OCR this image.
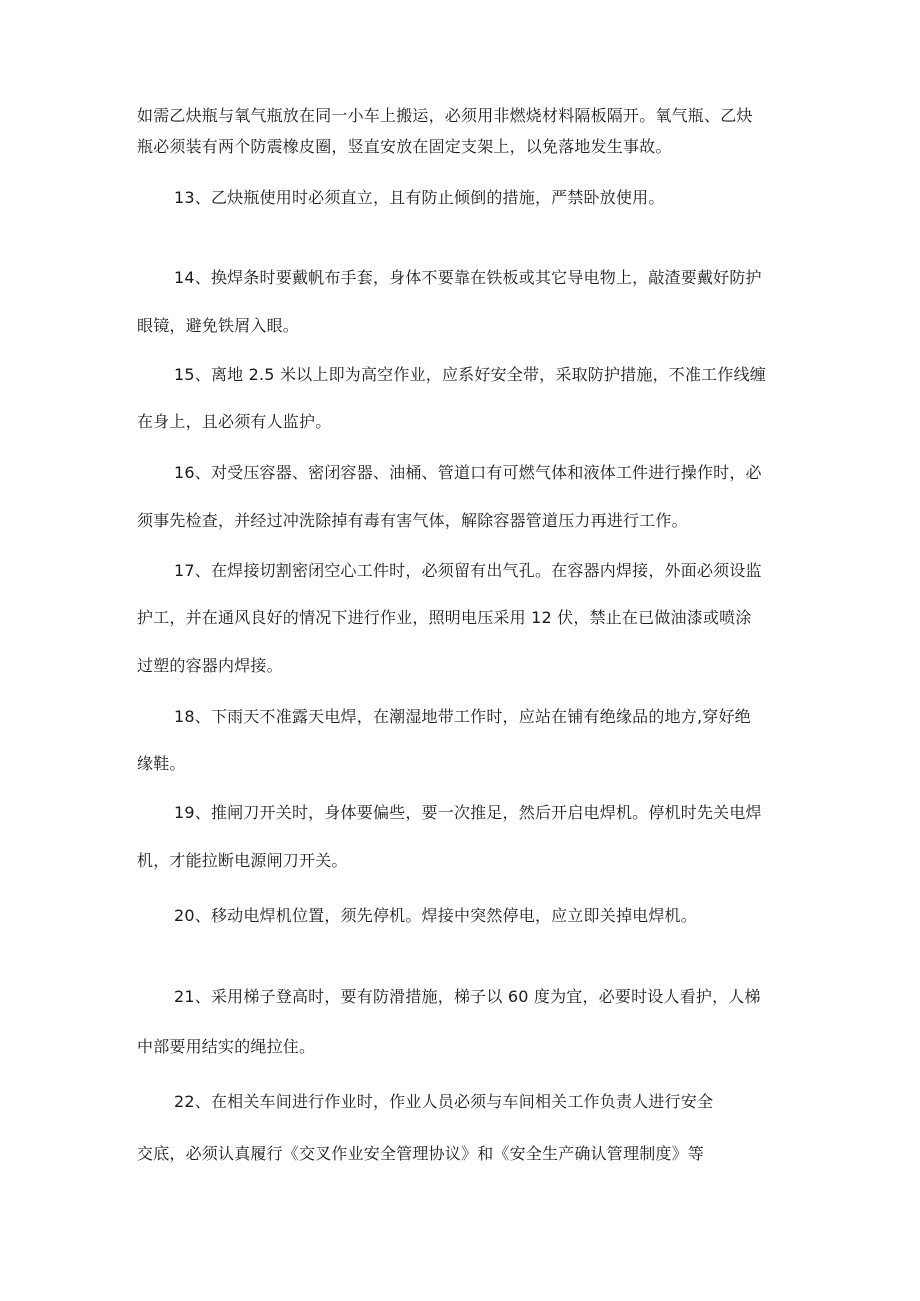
如需乙炔瓶与氧气瓶放在同一小车上搬运，必须用非燃烧材料隔板隔开。氧气瓶、乙炔
瓶必须装有两个防震橡皮圈，竖直安放在固定支架上，以免落地发生事故。
13、乙炔瓶使用时必须直立，且有防止倾倒的措施，严禁卧放使用。
14、换焊条时要戴帆布手套，身体不要靠在铁板或其它导电物上，敲渣要戴好防护
眼镜，避免铁屑入眼。
15、离地 2.5 米以上即为高空作业，应系好安全带，采取防护措施，不准工作线缠
在身上，且必须有人监护。
16、对受压容器、密闭容器、油桶、管道口有可燃气体和液体工件进行操作时，必
须事先检查，并经过冲洗除掉有毒有害气体，解除容器管道压力再进行工作。
17、在焊接切割密闭空心工件时，必须留有出气孔。在容器内焊接，外面必须设监
护工，并在通风良好的情况下进行作业，照明电压采用 12 伏，禁止在已做油漆或喷涂
过塑的容器内焊接。
18、下雨天不准露天电焊，在潮湿地带工作时，应站在铺有绝缘品的地方,穿好绝
缘鞋。
19、推闸刀开关时，身体要偏些，要一次推足，然后开启电焊机。停机时先关电焊
机，才能拉断电源闸刀开关。
20、移动电焊机位置，须先停机。焊接中突然停电，应立即关掉电焊机。
21、采用梯子登高时，要有防滑措施，梯子以 60 度为宜，必要时设人看护，人梯
中部要用结实的绳拉住。
22、在相关车间进行作业时，作业人员必须与车间相关工作负责人进行安全
交底，必须认真履行《交叉作业安全管理协议》和《安全生产确认管理制度》等
